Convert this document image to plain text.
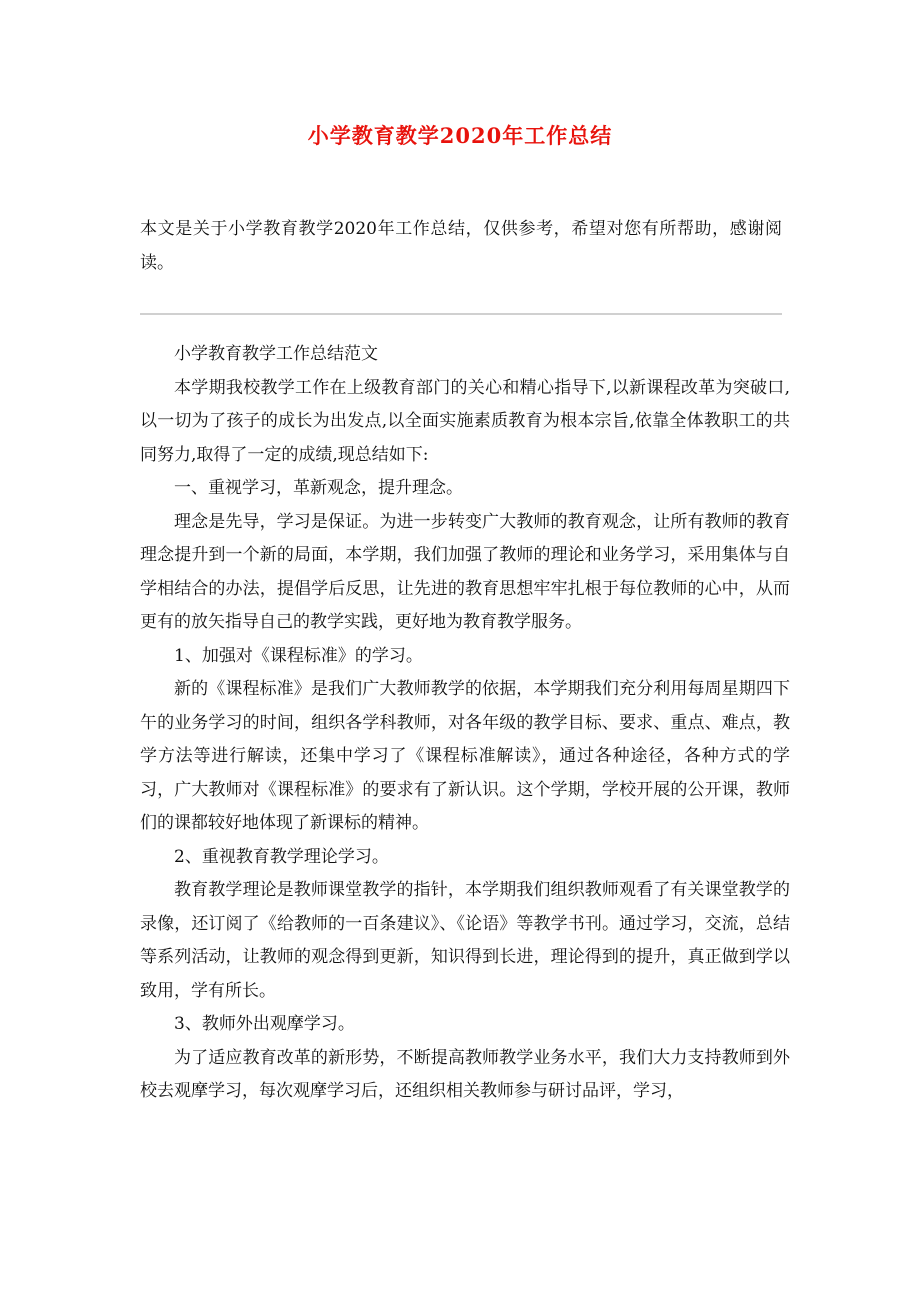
小学教育教学2020年工作总结

本文是关于小学教育教学2020年工作总结，仅供参考，希望对您有所帮助，感谢阅读。

小学教育教学工作总结范文

本学期我校教学工作在上级教育部门的关心和精心指导下,以新课程改革为突破口,以一切为了孩子的成长为出发点,以全面实施素质教育为根本宗旨,依靠全体教职工的共同努力,取得了一定的成绩,现总结如下:

一、重视学习，革新观念，提升理念。

理念是先导，学习是保证。为进一步转变广大教师的教育观念，让所有教师的教育理念提升到一个新的局面，本学期，我们加强了教师的理论和业务学习，采用集体与自学相结合的办法，提倡学后反思，让先进的教育思想牢牢扎根于每位教师的心中，从而更有的放矢指导自己的教学实践，更好地为教育教学服务。

1、加强对《课程标准》的学习。

新的《课程标准》是我们广大教师教学的依据，本学期我们充分利用每周星期四下午的业务学习的时间，组织各学科教师，对各年级的教学目标、要求、重点、难点，教学方法等进行解读，还集中学习了《课程标准解读》，通过各种途径，各种方式的学习，广大教师对《课程标准》的要求有了新认识。这个学期，学校开展的公开课，教师们的课都较好地体现了新课标的精神。

2、重视教育教学理论学习。

教育教学理论是教师课堂教学的指针，本学期我们组织教师观看了有关课堂教学的录像，还订阅了《给教师的一百条建议》、《论语》等教学书刊。通过学习，交流，总结等系列活动，让教师的观念得到更新，知识得到长进，理论得到的提升，真正做到学以致用，学有所长。

3、教师外出观摩学习。

为了适应教育改革的新形势，不断提高教师教学业务水平，我们大力支持教师到外校去观摩学习，每次观摩学习后，还组织相关教师参与研讨品评，学习，
